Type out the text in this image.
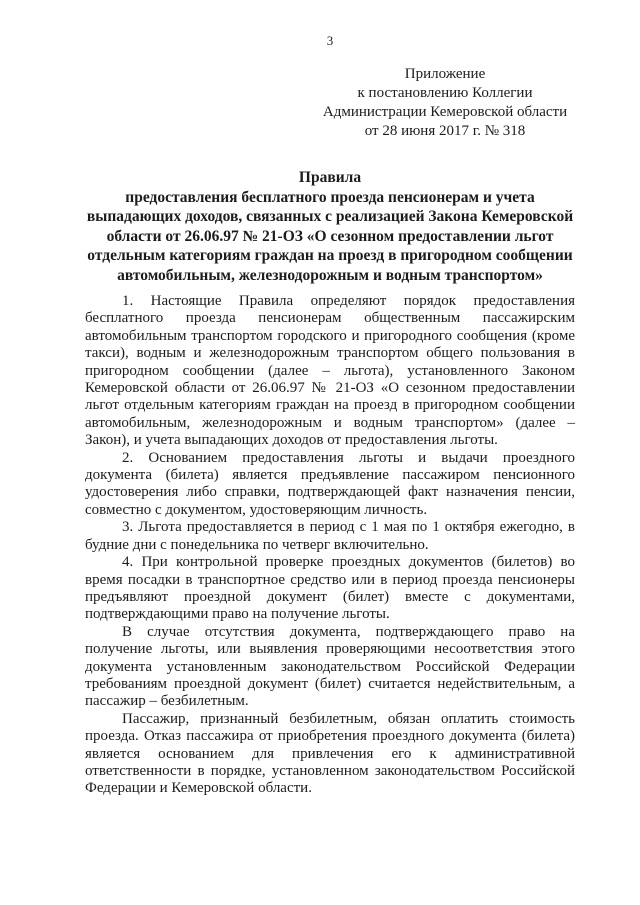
3
Приложение
к постановлению Коллегии
Администрации Кемеровской области
от 28 июня 2017 г. № 318
Правила
предоставления бесплатного проезда пенсионерам и учета
выпадающих доходов, связанных с реализацией Закона Кемеровской
области от 26.06.97 № 21-ОЗ «О сезонном предоставлении льгот
отдельным категориям граждан на проезд в пригородном сообщении
автомобильным, железнодорожным и водным транспортом»

1. Настоящие Правила определяют порядок предоставления бесплатного проезда пенсионерам общественным пассажирским автомобильным транспортом городского и пригородного сообщения (кроме такси), водным и железнодорожным транспортом общего пользования в пригородном сообщении (далее – льгота), установленного Законом Кемеровской области от 26.06.97 № 21-ОЗ «О сезонном предоставлении льгот отдельным категориям граждан на проезд в пригородном сообщении автомобильным, железнодорожным и водным транспортом» (далее – Закон), и учета выпадающих доходов от предоставления льготы.

2. Основанием предоставления льготы и выдачи проездного документа (билета) является предъявление пассажиром пенсионного удостоверения либо справки, подтверждающей факт назначения пенсии, совместно с документом, удостоверяющим личность.

3. Льгота предоставляется в период с 1 мая по 1 октября ежегодно, в будние дни с понедельника по четверг включительно.

4. При контрольной проверке проездных документов (билетов) во время посадки в транспортное средство или в период проезда пенсионеры предъявляют проездной документ (билет) вместе с документами, подтверждающими право на получение льготы.

В случае отсутствия документа, подтверждающего право на получение льготы, или выявления проверяющими несоответствия этого документа установленным законодательством Российской Федерации требованиям проездной документ (билет) считается недействительным, а пассажир – безбилетным.

Пассажир, признанный безбилетным, обязан оплатить стоимость проезда. Отказ пассажира от приобретения проездного документа (билета) является основанием для привлечения его к административной ответственности в порядке, установленном законодательством Российской Федерации и Кемеровской области.
